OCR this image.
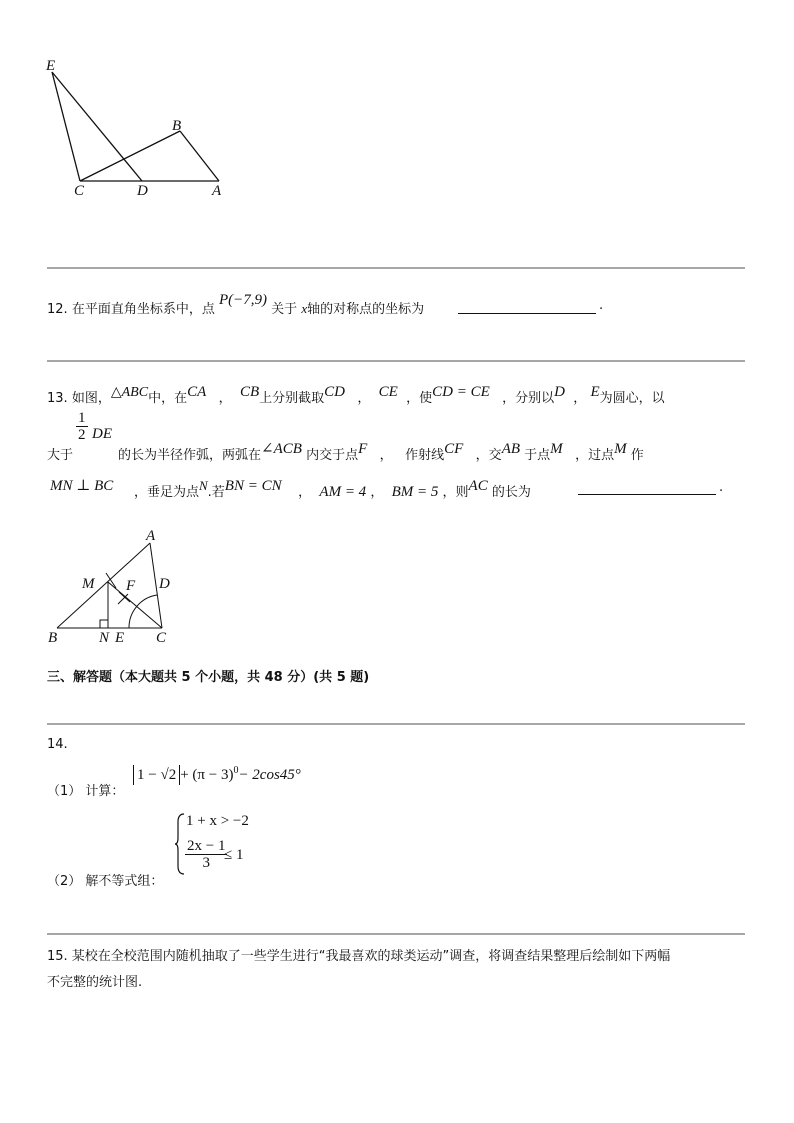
E
B
C	D	A
12. 在平面直角坐标系中，点 P(−7,9) 关于 x轴的对称点的坐标为	.
13. 如图，△ABC中，在CA ， CB上分别截取CD ， CE ，使CD = CE ，分别以D ， E为圆心，以
大于
$\frac{1}{2}$ DE
的长为半径作弧，两弧在∠ACB 内交于点F ， 作射线CF ，交AB 于点M ，过点M 作
MN ⊥ BC ，垂足为点N.若BN = CN ， AM = 4 ， BM = 5 ，则AC 的长为	.
A
M F D
B	N E C
三、解答题（本大题共 5 个小题，共 48 分）(共 5 题)
14.
（1） 计算：
$1 - √2 + (\pi - 3)^0- 2\cos 45^\circ$
（2） 解不等式组：
1 + x > −2
$\frac{2x - 1}{3}$
≤ 1
15. 某校在全校范围内随机抽取了一些学生进行“我最喜欢的球类运动”调查，将调查结果整理后绘制如下两幅
不完整的统计图.
